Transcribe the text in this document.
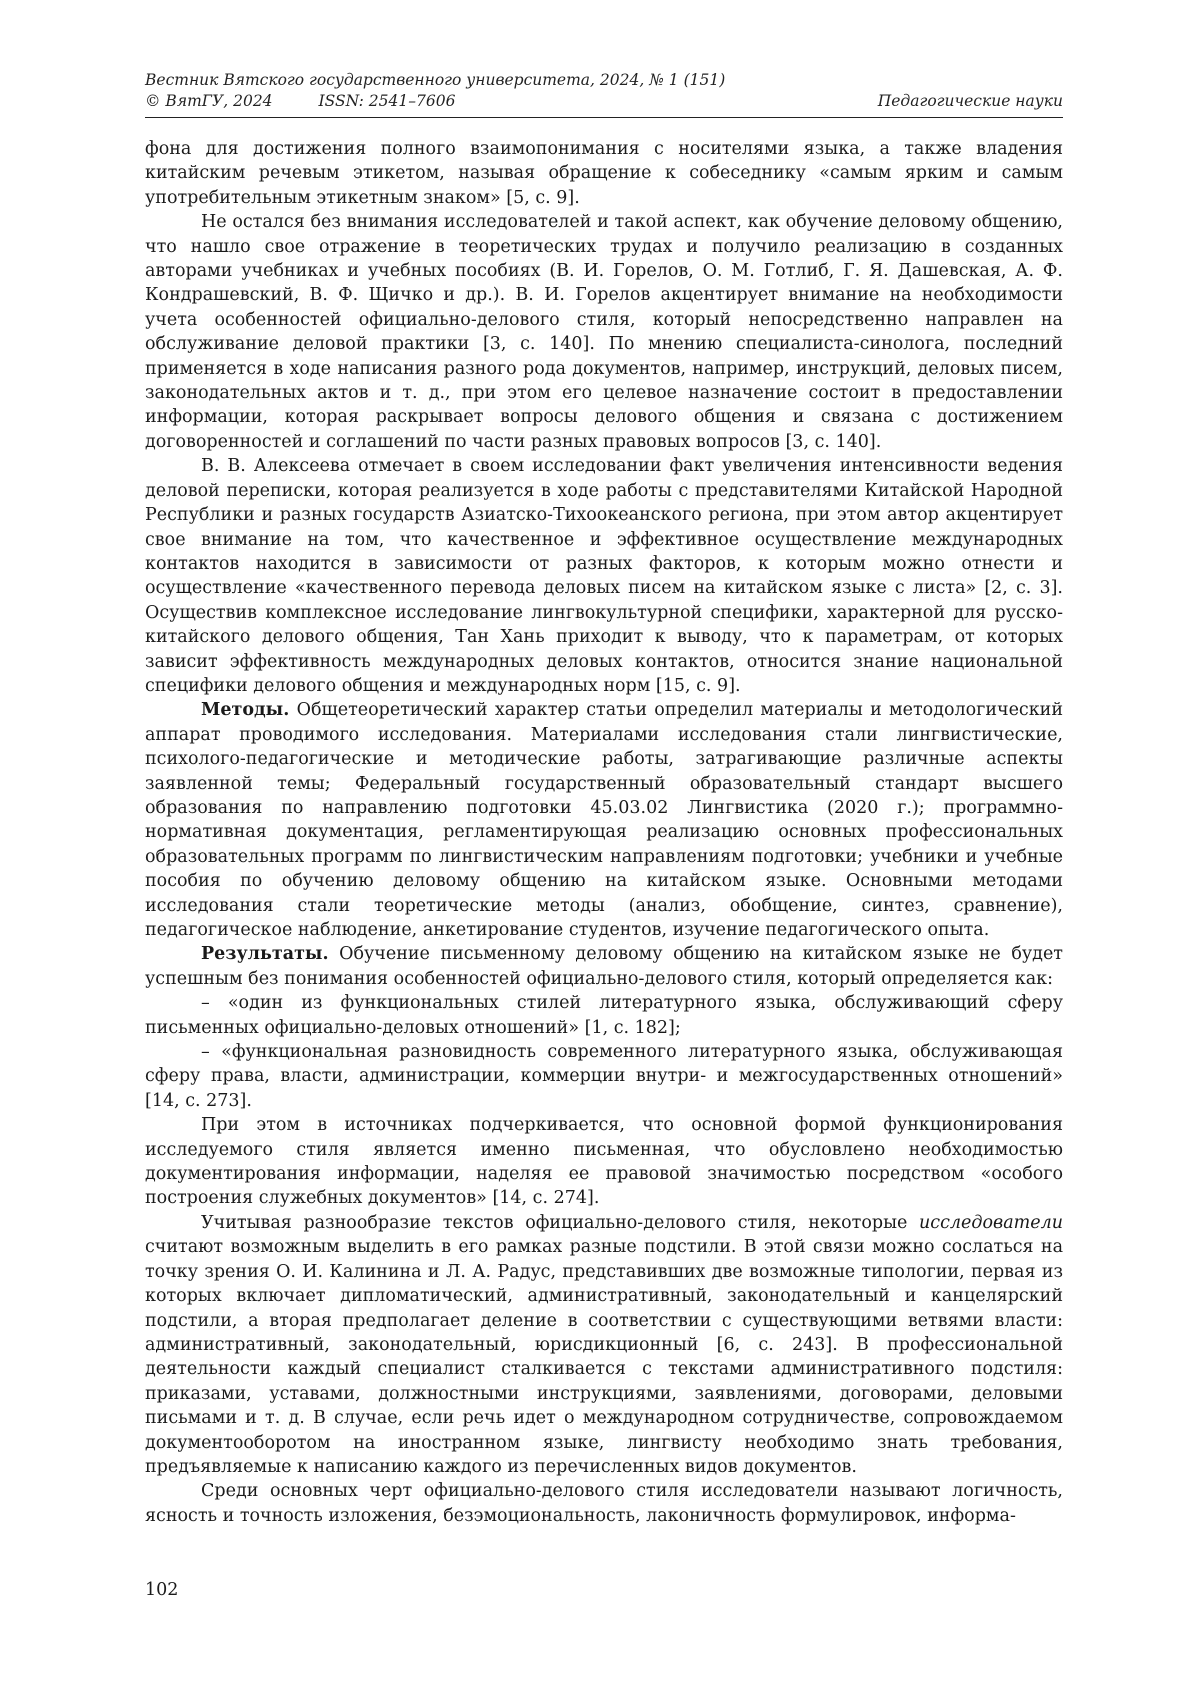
Вестник Вятского государственного университета, 2024, № 1 (151)
© ВятГУ, 2024	ISSN: 2541–7606	Педагогические науки

фона для достижения полного взаимопонимания с носителями языка, а также владения китайским речевым этикетом, называя обращение к собеседнику «самым ярким и самым употребительным этикетным знаком» [5, с. 9].

Не остался без внимания исследователей и такой аспект, как обучение деловому общению, что нашло свое отражение в теоретических трудах и получило реализацию в созданных авторами учебниках и учебных пособиях (В. И. Горелов, О. М. Готлиб, Г. Я. Дашевская, А. Ф. Кондрашевский, В. Ф. Щичко и др.). В. И. Горелов акцентирует внимание на необходимости учета особенностей официально-делового стиля, который непосредственно направлен на обслуживание деловой практики [3, с. 140]. По мнению специалиста-синолога, последний применяется в ходе написания разного рода документов, например, инструкций, деловых писем, законодательных актов и т. д., при этом его целевое назначение состоит в предоставлении информации, которая раскрывает вопросы делового общения и связана с достижением договоренностей и соглашений по части разных правовых вопросов [3, с. 140].

В. В. Алексеева отмечает в своем исследовании факт увеличения интенсивности ведения деловой переписки, которая реализуется в ходе работы с представителями Китайской Народной Республики и разных государств Азиатско-Тихоокеанского региона, при этом автор акцентирует свое внимание на том, что качественное и эффективное осуществление международных контактов находится в зависимости от разных факторов, к которым можно отнести и осуществление «качественного перевода деловых писем на китайском языке с листа» [2, с. 3]. Осуществив комплексное исследование лингвокультурной специфики, характерной для русско-китайского делового общения, Тан Хань приходит к выводу, что к параметрам, от которых зависит эффективность международных деловых контактов, относится знание национальной специфики делового общения и международных норм [15, с. 9].

Методы. Общетеоретический характер статьи определил материалы и методологический аппарат проводимого исследования. Материалами исследования стали лингвистические, психолого-педагогические и методические работы, затрагивающие различные аспекты заявленной темы; Федеральный государственный образовательный стандарт высшего образования по направлению подготовки 45.03.02 Лингвистика (2020 г.); программно-нормативная документация, регламентирующая реализацию основных профессиональных образовательных программ по лингвистическим направлениям подготовки; учебники и учебные пособия по обучению деловому общению на китайском языке. Основными методами исследования стали теоретические методы (анализ, обобщение, синтез, сравнение), педагогическое наблюдение, анкетирование студентов, изучение педагогического опыта.

Результаты. Обучение письменному деловому общению на китайском языке не будет успешным без понимания особенностей официально-делового стиля, который определяется как:

– «один из функциональных стилей литературного языка, обслуживающий сферу письменных официально-деловых отношений» [1, с. 182];

– «функциональная разновидность современного литературного языка, обслуживающая сферу права, власти, администрации, коммерции внутри- и межгосударственных отношений» [14, с. 273].

При этом в источниках подчеркивается, что основной формой функционирования исследуемого стиля является именно письменная, что обусловлено необходимостью документирования информации, наделяя ее правовой значимостью посредством «особого построения служебных документов» [14, с. 274].

Учитывая разнообразие текстов официально-делового стиля, некоторые исследователи считают возможным выделить в его рамках разные подстили. В этой связи можно сослаться на точку зрения О. И. Калинина и Л. А. Радус, представивших две возможные типологии, первая из которых включает дипломатический, административный, законодательный и канцелярский подстили, а вторая предполагает деление в соответствии с существующими ветвями власти: административный, законодательный, юрисдикционный [6, с. 243]. В профессиональной деятельности каждый специалист сталкивается с текстами административного подстиля: приказами, уставами, должностными инструкциями, заявлениями, договорами, деловыми письмами и т. д. В случае, если речь идет о международном сотрудничестве, сопровождаемом документооборотом на иностранном языке, лингвисту необходимо знать требования, предъявляемые к написанию каждого из перечисленных видов документов.

Среди основных черт официально-делового стиля исследователи называют логичность, ясность и точность изложения, безэмоциональность, лаконичность формулировок, информа-

102
